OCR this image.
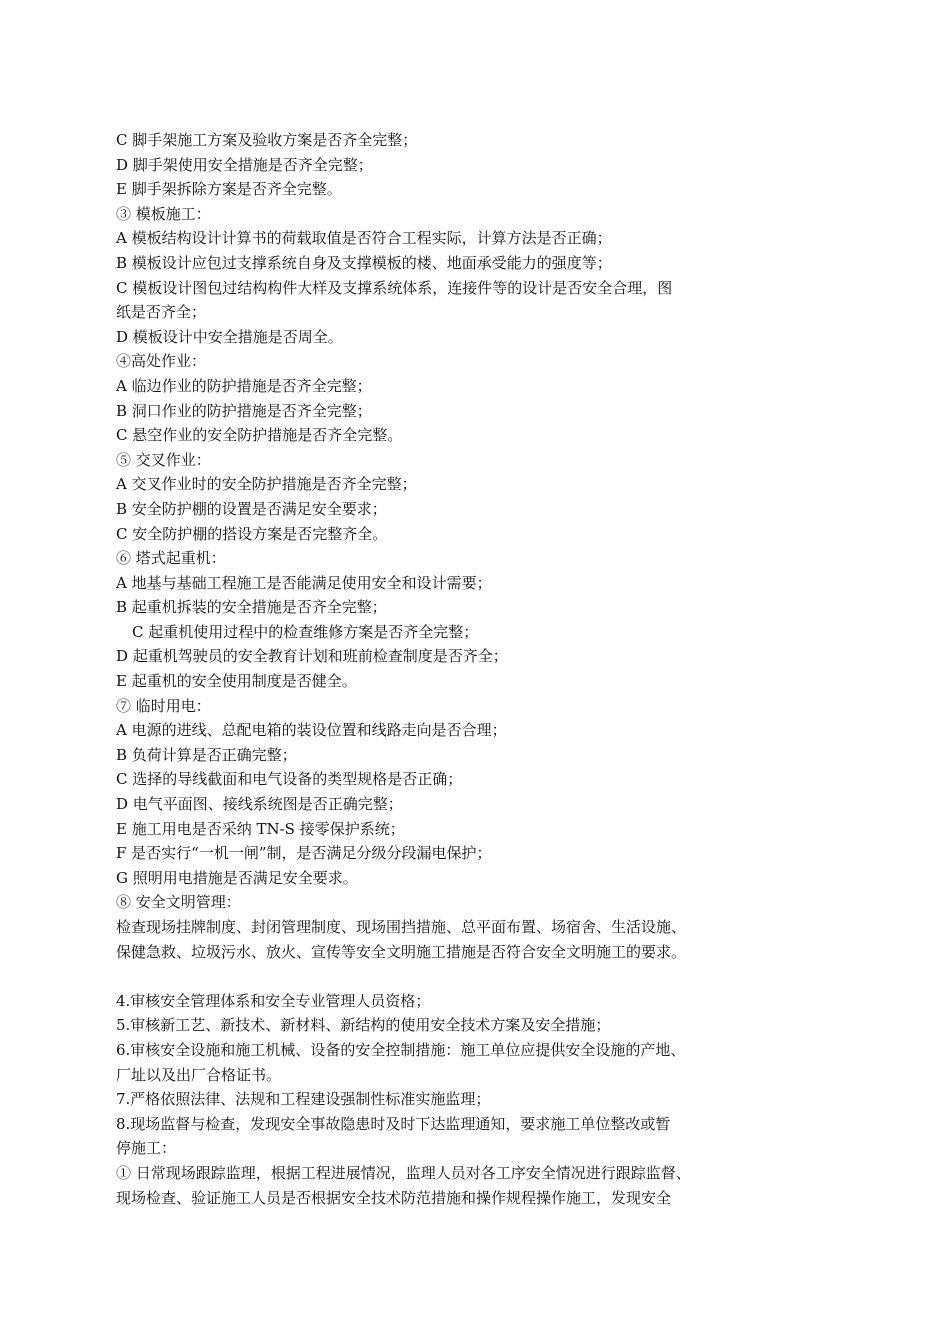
C 脚手架施工方案及验收方案是否齐全完整；
D 脚手架使用安全措施是否齐全完整；
E 脚手架拆除方案是否齐全完整。
③ 模板施工：
A 模板结构设计计算书的荷载取值是否符合工程实际，计算方法是否正确；
B 模板设计应包过支撑系统自身及支撑模板的楼、地面承受能力的强度等；
C 模板设计图包过结构构件大样及支撑系统体系，连接件等的设计是否安全合理，图
纸是否齐全；
D 模板设计中安全措施是否周全。
④高处作业：
A 临边作业的防护措施是否齐全完整；
B 洞口作业的防护措施是否齐全完整；
C 悬空作业的安全防护措施是否齐全完整。
⑤ 交叉作业：
A 交叉作业时的安全防护措施是否齐全完整；
B 安全防护棚的设置是否满足安全要求；
C 安全防护棚的搭设方案是否完整齐全。
⑥ 塔式起重机：
A 地基与基础工程施工是否能满足使用安全和设计需要；
B 起重机拆装的安全措施是否齐全完整；
C 起重机使用过程中的检查维修方案是否齐全完整；
D 起重机驾驶员的安全教育计划和班前检查制度是否齐全；
E 起重机的安全使用制度是否健全。
⑦ 临时用电：
A 电源的进线、总配电箱的装设位置和线路走向是否合理；
B 负荷计算是否正确完整；
C 选择的导线截面和电气设备的类型规格是否正确；
D 电气平面图、接线系统图是否正确完整；
E 施工用电是否采纳 TN-S 接零保护系统；
F 是否实行“一机一闸”制，是否满足分级分段漏电保护；
G 照明用电措施是否满足安全要求。
⑧ 安全文明管理：
检查现场挂牌制度、封闭管理制度、现场围挡措施、总平面布置、场宿舍、生活设施、
保健急救、垃圾污水、放火、宣传等安全文明施工措施是否符合安全文明施工的要求。
4.审核安全管理体系和安全专业管理人员资格；
5.审核新工艺、新技术、新材料、新结构的使用安全技术方案及安全措施；
6.审核安全设施和施工机械、设备的安全控制措施：施工单位应提供安全设施的产地、
厂址以及出厂合格证书。
7.严格依照法律、法规和工程建设强制性标准实施监理；
8.现场监督与检查，发现安全事故隐患时及时下达监理通知，要求施工单位整改或暂
停施工：
① 日常现场跟踪监理，根据工程进展情况，监理人员对各工序安全情况进行跟踪监督、
现场检查、验证施工人员是否根据安全技术防范措施和操作规程操作施工，发现安全
